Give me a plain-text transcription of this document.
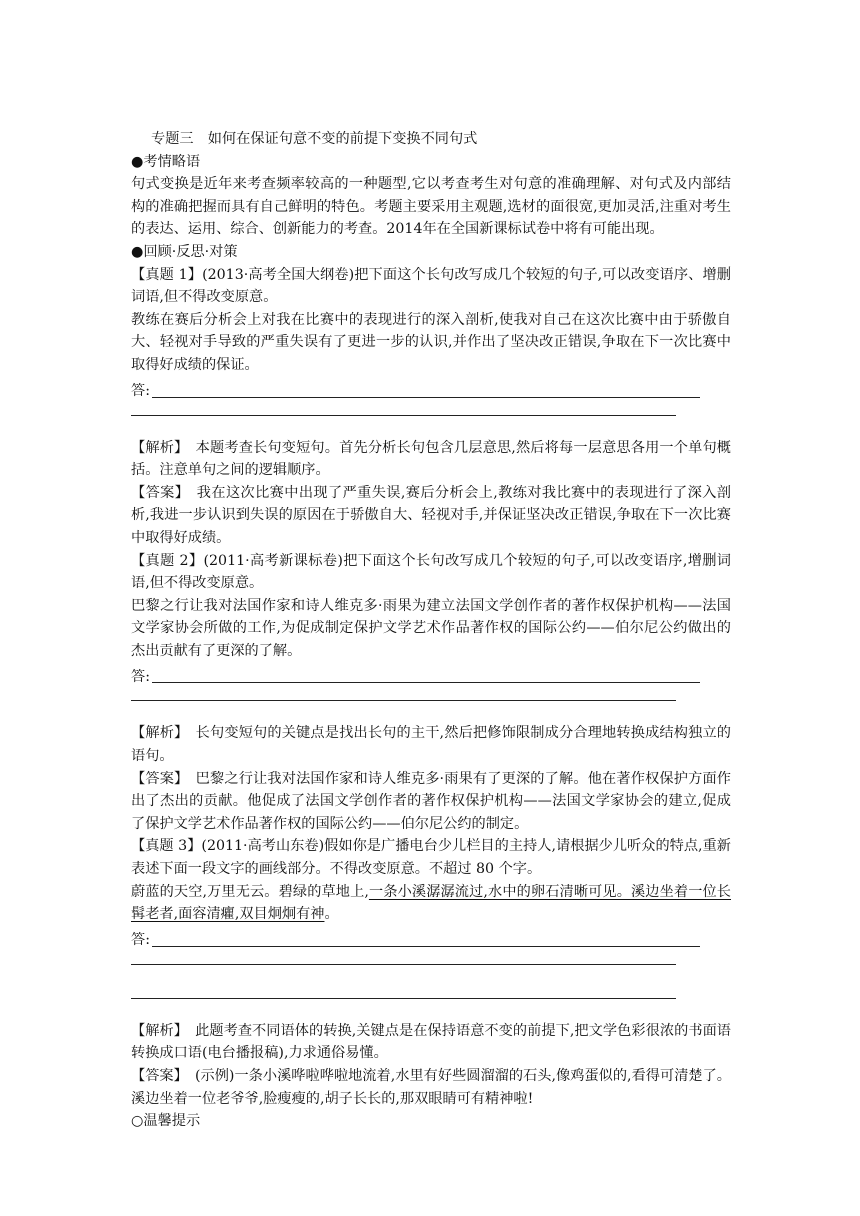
专题三　如何在保证句意不变的前提下变换不同句式

●考情略语

句式变换是近年来考查频率较高的一种题型,它以考查考生对句意的准确理解、对句式及内部结构的准确把握而具有自己鲜明的特色。考题主要采用主观题,选材的面很宽,更加灵活,注重对考生的表达、运用、综合、创新能力的考查。2014年在全国新课标试卷中将有可能出现。

●回顾·反思·对策

【真题 1】(2013·高考全国大纲卷)把下面这个长句改写成几个较短的句子,可以改变语序、增删词语,但不得改变原意。

教练在赛后分析会上对我在比赛中的表现进行的深入剖析,使我对自己在这次比赛中由于骄傲自大、轻视对手导致的严重失误有了更进一步的认识,并作出了坚决改正错误,争取在下一次比赛中取得好成绩的保证。

答:

【解析】　 本题考查长句变短句。首先分析长句包含几层意思,然后将每一层意思各用一个单句概括。注意单句之间的逻辑顺序。

【答案】　 我在这次比赛中出现了严重失误,赛后分析会上,教练对我比赛中的表现进行了深入剖析,我进一步认识到失误的原因在于骄傲自大、轻视对手,并保证坚决改正错误,争取在下一次比赛中取得好成绩。

【真题 2】(2011·高考新课标卷)把下面这个长句改写成几个较短的句子,可以改变语序,增删词语,但不得改变原意。

巴黎之行让我对法国作家和诗人维克多·雨果为建立法国文学创作者的著作权保护机构——法国文学家协会所做的工作,为促成制定保护文学艺术作品著作权的国际公约——伯尔尼公约做出的杰出贡献有了更深的了解。

答:

【解析】　 长句变短句的关键点是找出长句的主干,然后把修饰限制成分合理地转换成结构独立的语句。

【答案】　 巴黎之行让我对法国作家和诗人维克多·雨果有了更深的了解。他在著作权保护方面作出了杰出的贡献。他促成了法国文学创作者的著作权保护机构——法国文学家协会的建立,促成了保护文学艺术作品著作权的国际公约——伯尔尼公约的制定。

【真题 3】(2011·高考山东卷)假如你是广播电台少儿栏目的主持人,请根据少儿听众的特点,重新表述下面一段文字的画线部分。不得改变原意。不超过 80 个字。

蔚蓝的天空,万里无云。碧绿的草地上,一条小溪潺潺流过,水中的卵石清晰可见。溪边坐着一位长髯老者,面容清癯,双目炯炯有神。

答:

【解析】　 此题考查不同语体的转换,关键点是在保持语意不变的前提下,把文学色彩很浓的书面语转换成口语(电台播报稿),力求通俗易懂。

【答案】　 (示例)一条小溪哗啦哗啦地流着,水里有好些圆溜溜的石头,像鸡蛋似的,看得可清楚了。溪边坐着一位老爷爷,脸瘦瘦的,胡子长长的,那双眼睛可有精神啦!

○温馨提示
